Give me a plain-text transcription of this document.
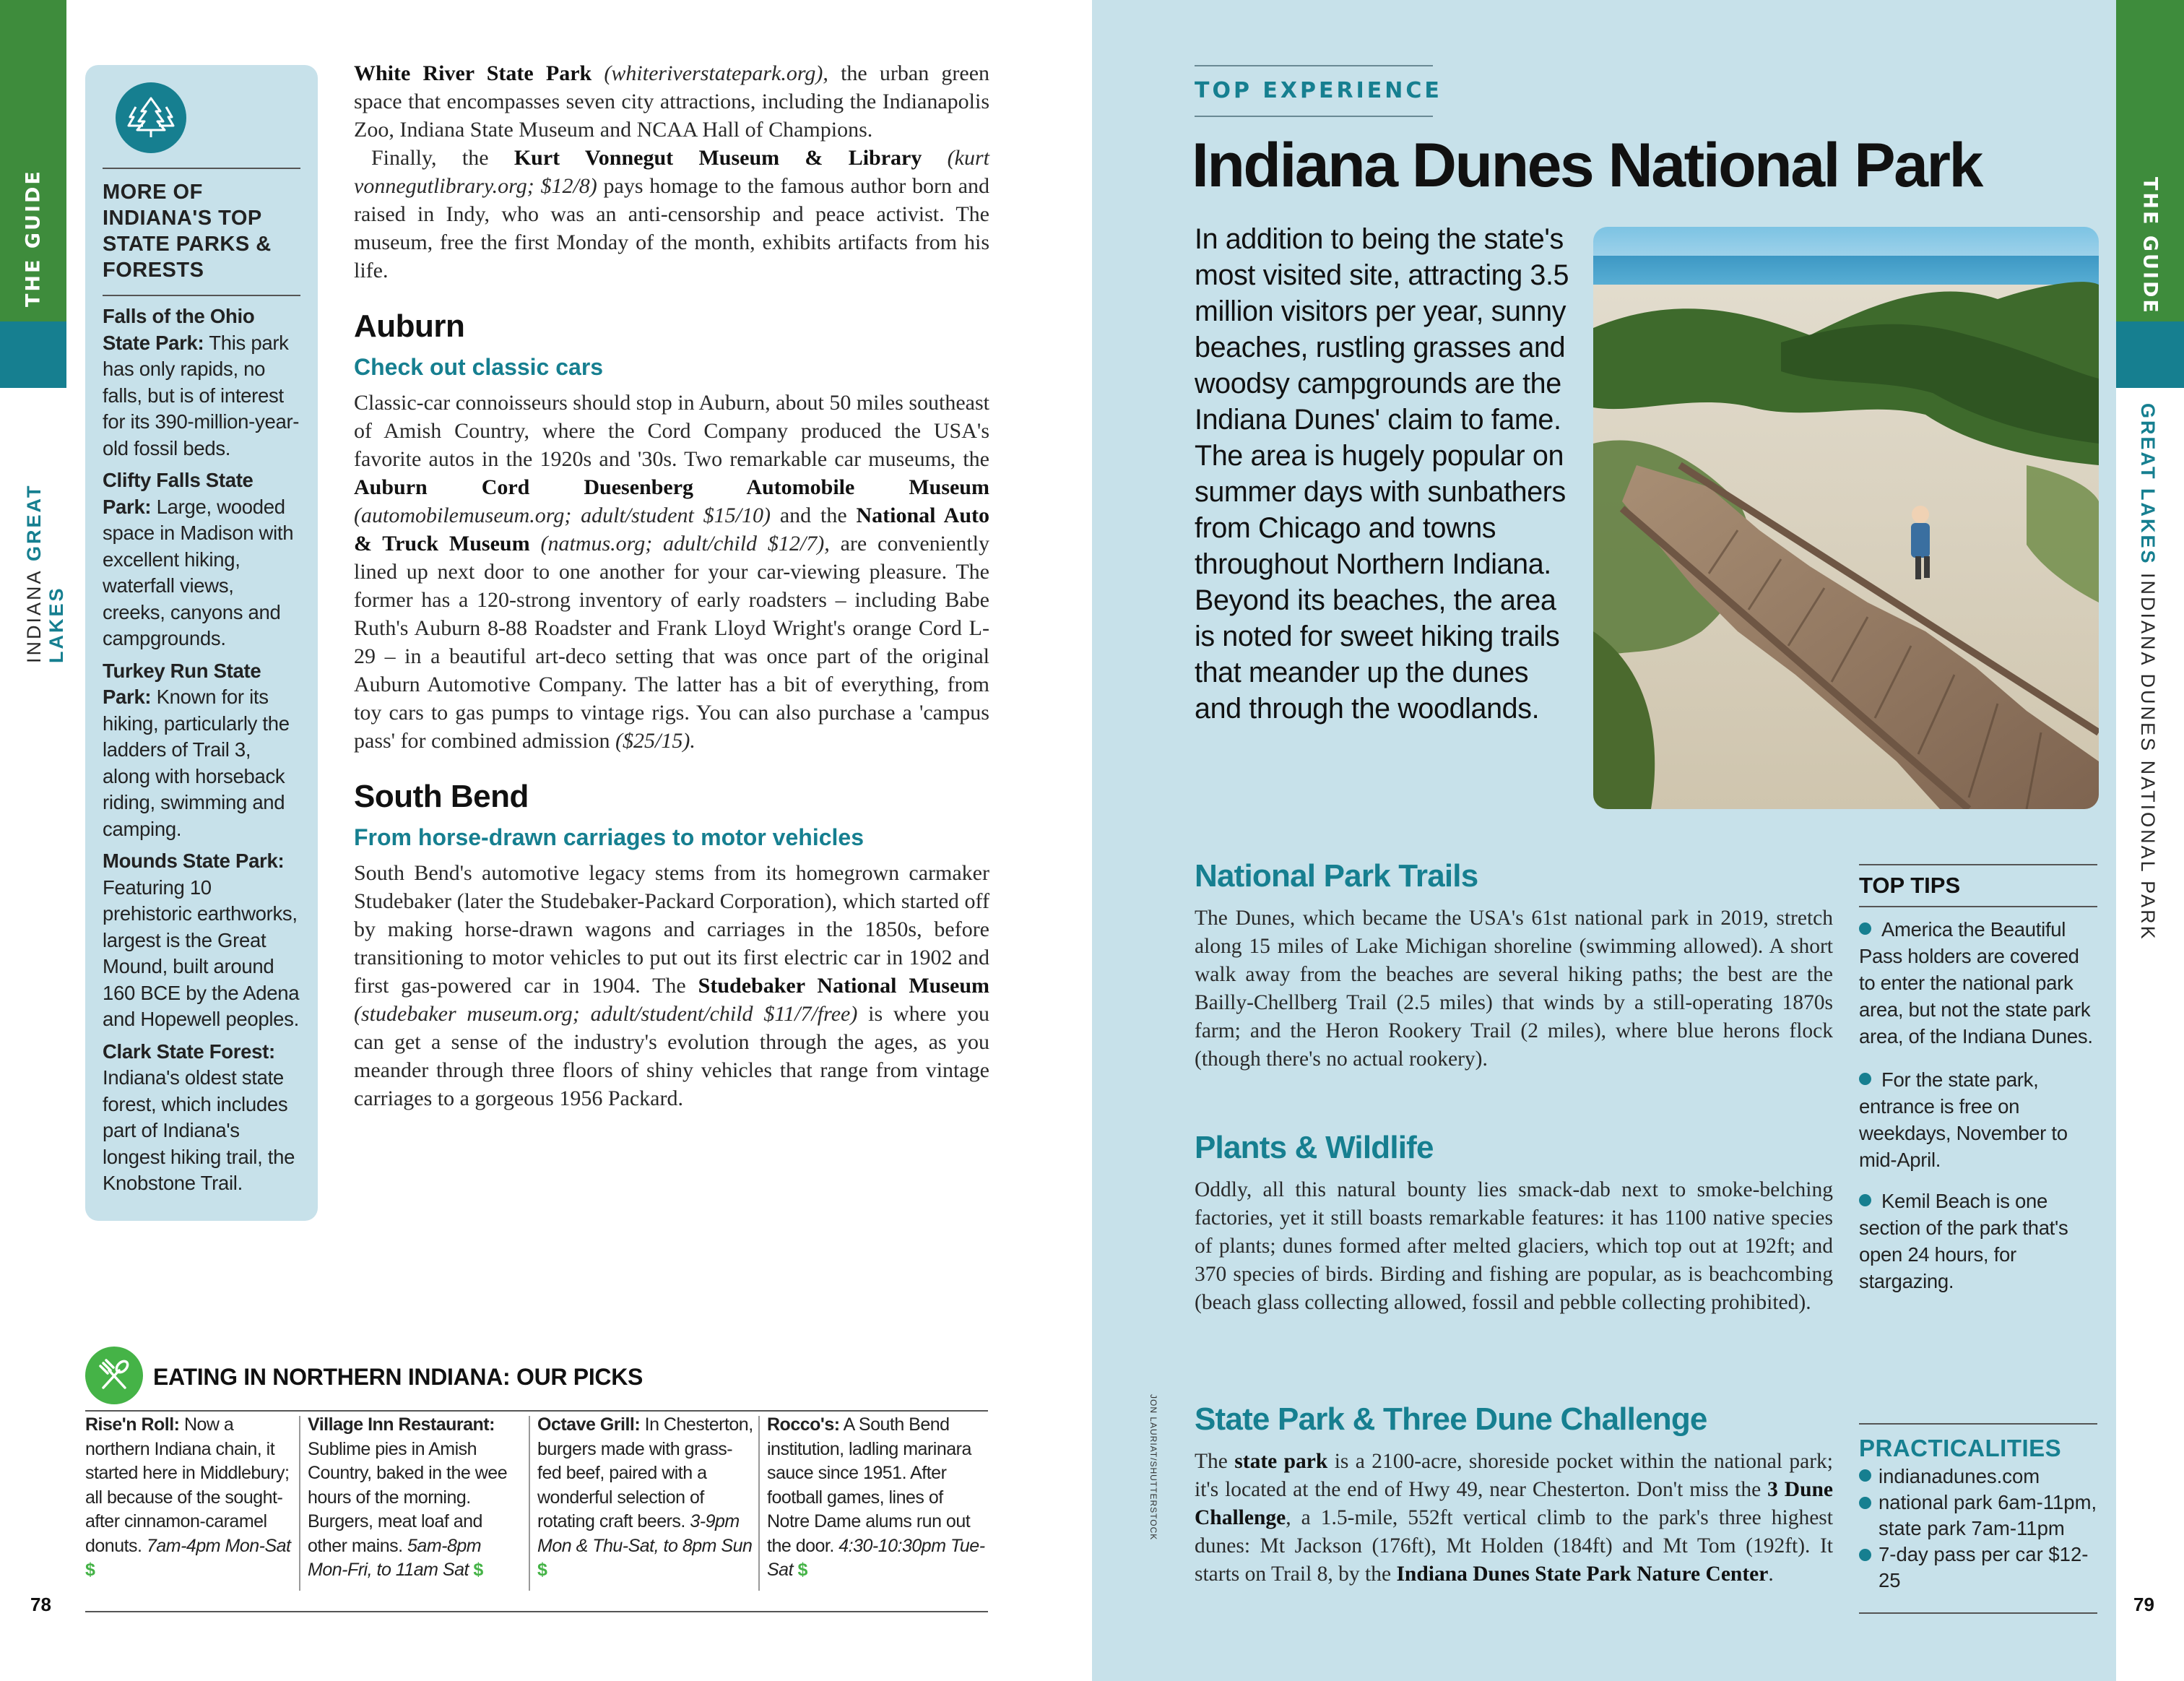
THE GUIDE
INDIANA GREAT LAKES
MORE OF INDIANA'S TOP STATE PARKS & FORESTS
Falls of the Ohio State Park: This park has only rapids, no falls, but is of interest for its 390-million-year-old fossil beds.
Clifty Falls State Park: Large, wooded space in Madison with excellent hiking, waterfall views, creeks, canyons and campgrounds.
Turkey Run State Park: Known for its hiking, particularly the ladders of Trail 3, along with horseback riding, swimming and camping.
Mounds State Park: Featuring 10 prehistoric earthworks, largest is the Great Mound, built around 160 BCE by the Adena and Hopewell peoples.
Clark State Forest: Indiana's oldest state forest, which includes part of Indiana's longest hiking trail, the Knobstone Trail.

White River State Park (whiteriverstatepark.org), the urban green space that encompasses seven city attractions, including the Indianapolis Zoo, Indiana State Museum and NCAA Hall of Champions.

Finally, the Kurt Vonnegut Museum & Library (kurt vonnegutlibrary.org; $12/8) pays homage to the famous author born and raised in Indy, who was an anti-censorship and peace activist. The museum, free the first Monday of the month, exhibits artifacts from his life.

Auburn
Check out classic cars

Classic-car connoisseurs should stop in Auburn, about 50 miles southeast of Amish Country, where the Cord Company produced the USA's favorite autos in the 1920s and '30s. Two remarkable car museums, the Auburn Cord Duesenberg Automobile Museum (automobilemuseum.org; adult/student $15/10) and the National Auto & Truck Museum (natmus.org; adult/child $12/7), are conveniently lined up next door to one another for your car-viewing pleasure. The former has a 120-strong inventory of early roadsters – including Babe Ruth's Auburn 8-88 Roadster and Frank Lloyd Wright's orange Cord L-29 – in a beautiful art-deco setting that was once part of the original Auburn Automotive Company. The latter has a bit of everything, from toy cars to gas pumps to vintage rigs. You can also purchase a 'campus pass' for combined admission ($25/15).

South Bend
From horse-drawn carriages to motor vehicles

South Bend's automotive legacy stems from its homegrown carmaker Studebaker (later the Studebaker-Packard Corporation), which started off by making horse-drawn wagons and carriages in the 1850s, before transitioning to motor vehicles to put out its first electric car in 1902 and first gas-powered car in 1904. The Studebaker National Museum (studebaker museum.org; adult/student/child $11/7/free) is where you can get a sense of the industry's evolution through the ages, as you meander through three floors of shiny vehicles that range from vintage carriages to a gorgeous 1956 Packard.

EATING IN NORTHERN INDIANA: OUR PICKS
Rise'n Roll: Now a northern Indiana chain, it started here in Middlebury; all because of the sought-after cinnamon-caramel donuts. 7am-4pm Mon-Sat $
Village Inn Restaurant: Sublime pies in Amish Country, baked in the wee hours of the morning. Burgers, meat loaf and other mains. 5am-8pm Mon-Fri, to 11am Sat $
Octave Grill: In Chesterton, burgers made with grass-fed beef, paired with a wonderful selection of rotating craft beers. 3-9pm Mon & Thu-Sat, to 8pm Sun $
Rocco's: A South Bend institution, ladling marinara sauce since 1951. After football games, lines of Notre Dame alums run out the door. 4:30-10:30pm Tue-Sat $
78
JON LAURIAT/SHUTTERSTOCK
TOP EXPERIENCE
Indiana Dunes National Park
In addition to being the state's most visited site, attracting 3.5 million visitors per year, sunny beaches, rustling grasses and woodsy campgrounds are the Indiana Dunes' claim to fame. The area is hugely popular on summer days with sunbathers from Chicago and towns throughout Northern Indiana. Beyond its beaches, the area is noted for sweet hiking trails that meander up the dunes and through the woodlands.
National Park Trails
The Dunes, which became the USA's 61st national park in 2019, stretch along 15 miles of Lake Michigan shoreline (swimming allowed). A short walk away from the beaches are several hiking paths; the best are the Bailly-Chellberg Trail (2.5 miles) that winds by a still-operating 1870s farm; and the Heron Rookery Trail (2 miles), where blue herons flock (though there's no actual rookery).
Plants & Wildlife
Oddly, all this natural bounty lies smack-dab next to smoke-belching factories, yet it still boasts remarkable features: it has 1100 native species of plants; dunes formed after melted glaciers, which top out at 192ft; and 370 species of birds. Birding and fishing are popular, as is beachcombing (beach glass collecting allowed, fossil and pebble collecting prohibited).
State Park & Three Dune Challenge
The state park is a 2100-acre, shoreside pocket within the national park; it's located at the end of Hwy 49, near Chesterton. Don't miss the 3 Dune Challenge, a 1.5-mile, 552ft vertical climb to the park's three highest dunes: Mt Jackson (176ft), Mt Holden (184ft) and Mt Tom (192ft). It starts on Trail 8, by the Indiana Dunes State Park Nature Center.
TOP TIPS
America the Beautiful Pass holders are covered to enter the national park area, but not the state park area, of the Indiana Dunes.
For the state park, entrance is free on weekdays, November to mid-April.
Kemil Beach is one section of the park that's open 24 hours, for stargazing.
PRACTICALITIES
indianadunes.com
national park 6am-11pm, state park 7am-11pm
7-day pass per car $12-25
79
THE GUIDE
GREAT LAKES INDIANA DUNES NATIONAL PARK
